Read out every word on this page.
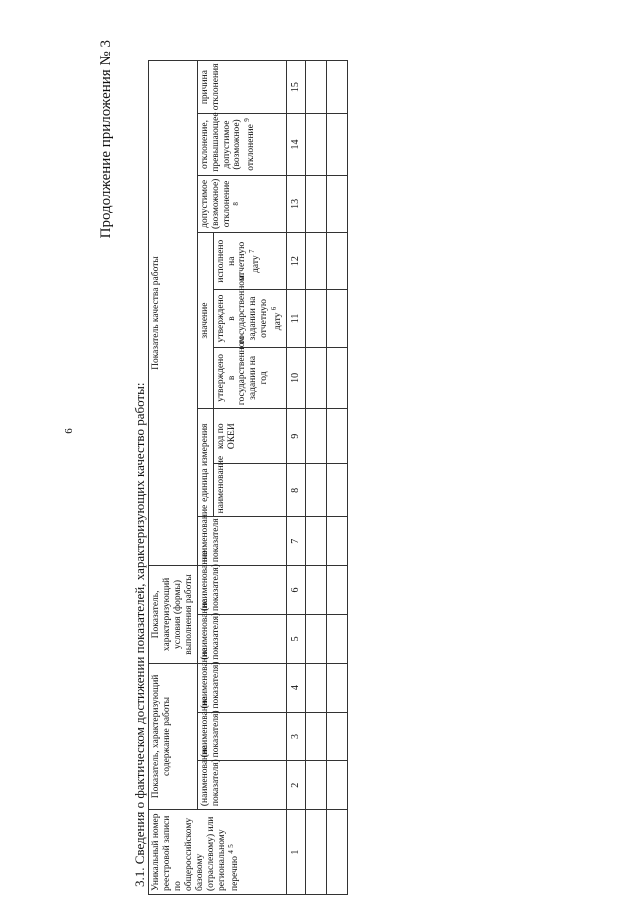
6
Продолжение приложения № 3
3.1. Сведения о фактическом достижении показателей, характеризующих качество работы: Уникальный номер реестровой записи по общероссийскому базовому (отраслевому) или региональному перечню $^4$ $^5$	Показатель, характеризующий содержание работы			Показатель, характеризующий условия (формы) выполнения работы		Показатель качества работы								
	(наименование показателя)	(наименование показателя)	(наименование показателя)	(наименование показателя)	(наименование показателя)	наименование показателя	единица измерения		значение			допустимое (возможное) отклонение $^8$	отклонение, превышающее допустимое (возможное) отклонение $^9$	причина отклонения
							наименование	код по ОКЕИ	утверждено в государственном задании на год	утверждено в государственном задании на отчетную дату $^6$	исполнено на отчетную дату $^7$
1	2	3	4	5	6	7	8	9	10	11	12	13	14	15
